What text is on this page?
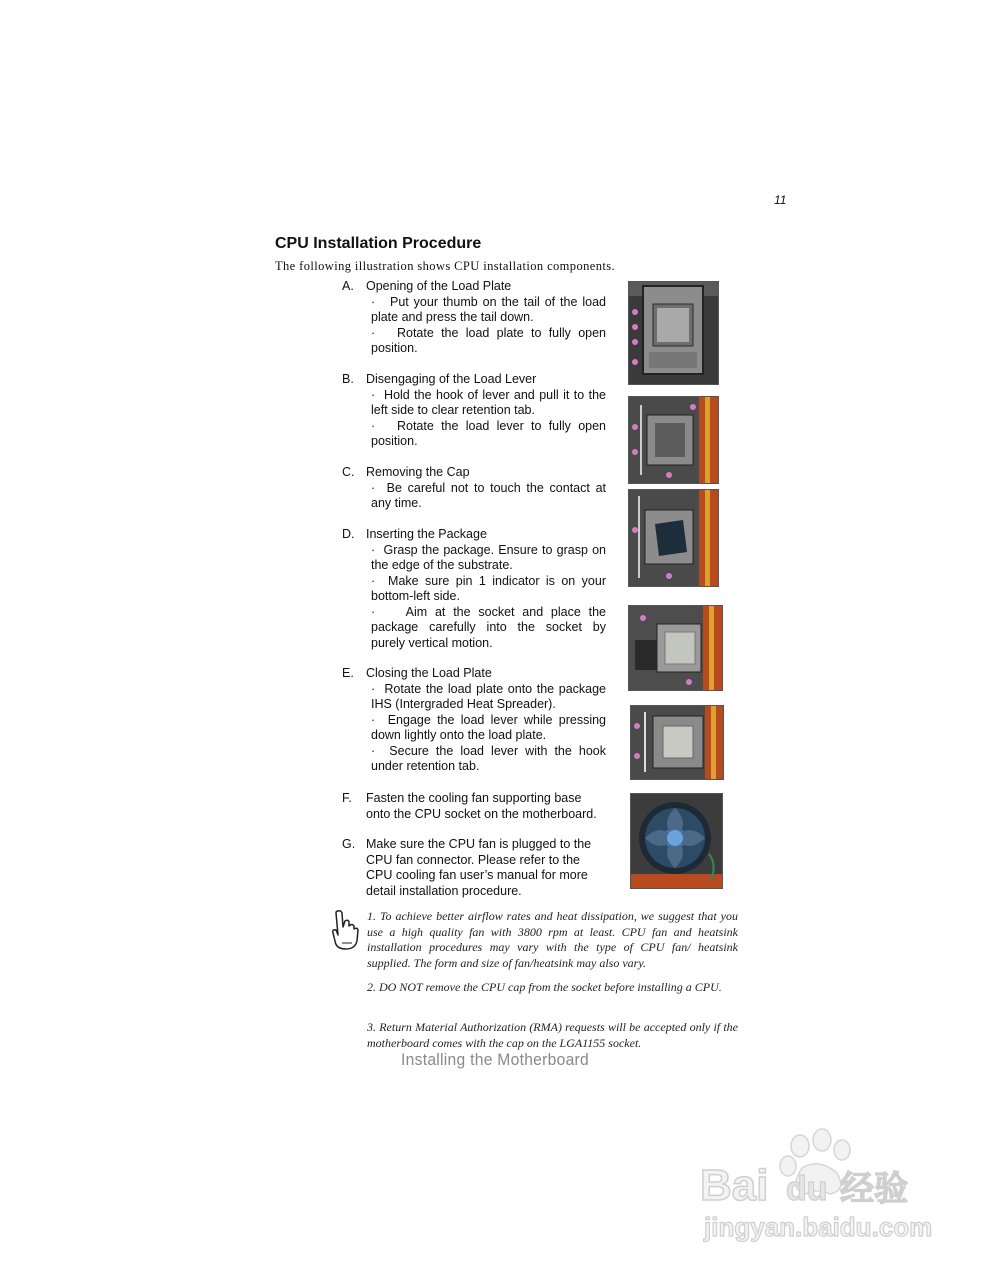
11
CPU Installation Procedure
The following illustration shows CPU installation components.
A. Opening of the Load Plate
· Put your thumb on the tail of the load plate and press the tail down.
· Rotate the load plate to fully open position.
B. Disengaging of the Load Lever
· Hold the hook of lever and pull it to the left side to clear retention tab.
· Rotate the load lever to fully open position.
C. Removing the Cap
· Be careful not to touch the contact at any time.
D. Inserting the Package
· Grasp the package. Ensure to grasp on the edge of the substrate.
· Make sure pin 1 indicator is on your bottom-left side.
· Aim at the socket and place the package carefully into the socket by purely vertical motion.
E. Closing the Load Plate
· Rotate the load plate onto the package IHS (Intergraded Heat Spreader).
· Engage the load lever while pressing down lightly onto the load plate.
· Secure the load lever with the hook under retention tab.
F.	Fasten the cooling fan supporting base
onto the CPU socket on the motherboard.
G. Make sure the CPU fan is plugged to the
CPU fan connector. Please refer to the CPU cooling fan user’s manual for more detail installation procedure.
1. To achieve better airflow rates and heat dissipation, we suggest that you use a high quality fan with 3800 rpm at least. CPU fan and heatsink installation procedures may vary with the type of CPU fan/ heatsink supplied. The form and size of fan/heatsink may also vary.
2. DO NOT remove the CPU cap from the socket before installing a CPU.
3. Return Material Authorization (RMA) requests will be accepted only if the motherboard comes with the cap on the LGA1155 socket.
Installing the Motherboard
Bai du 经验
jingyan.baidu.com
